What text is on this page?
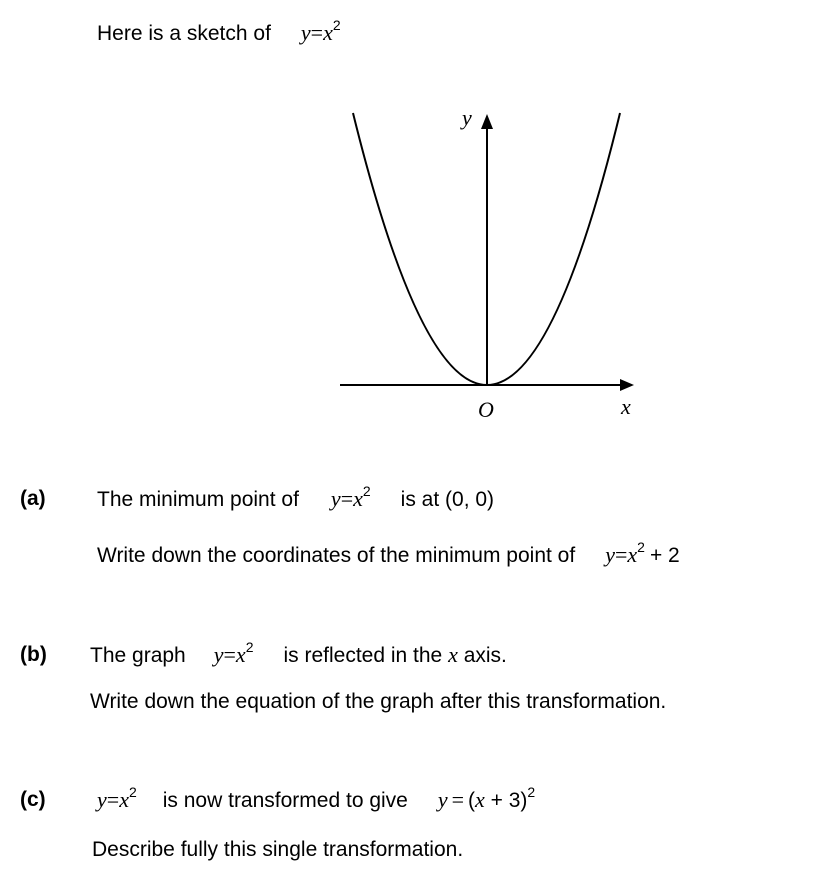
Here is a sketch of $y=x^2$
y
x
O
(a) The minimum point of $y=x^2$ is at (0, 0)
Write down the coordinates of the minimum point of $y=x^2 + 2$
(b) The graph $y=x^2$ is reflected in the x axis.
Write down the equation of the graph after this transformation.
(c) $y=x^2$ is now transformed to give $y = (x + 3)^2$
Describe fully this single transformation.
